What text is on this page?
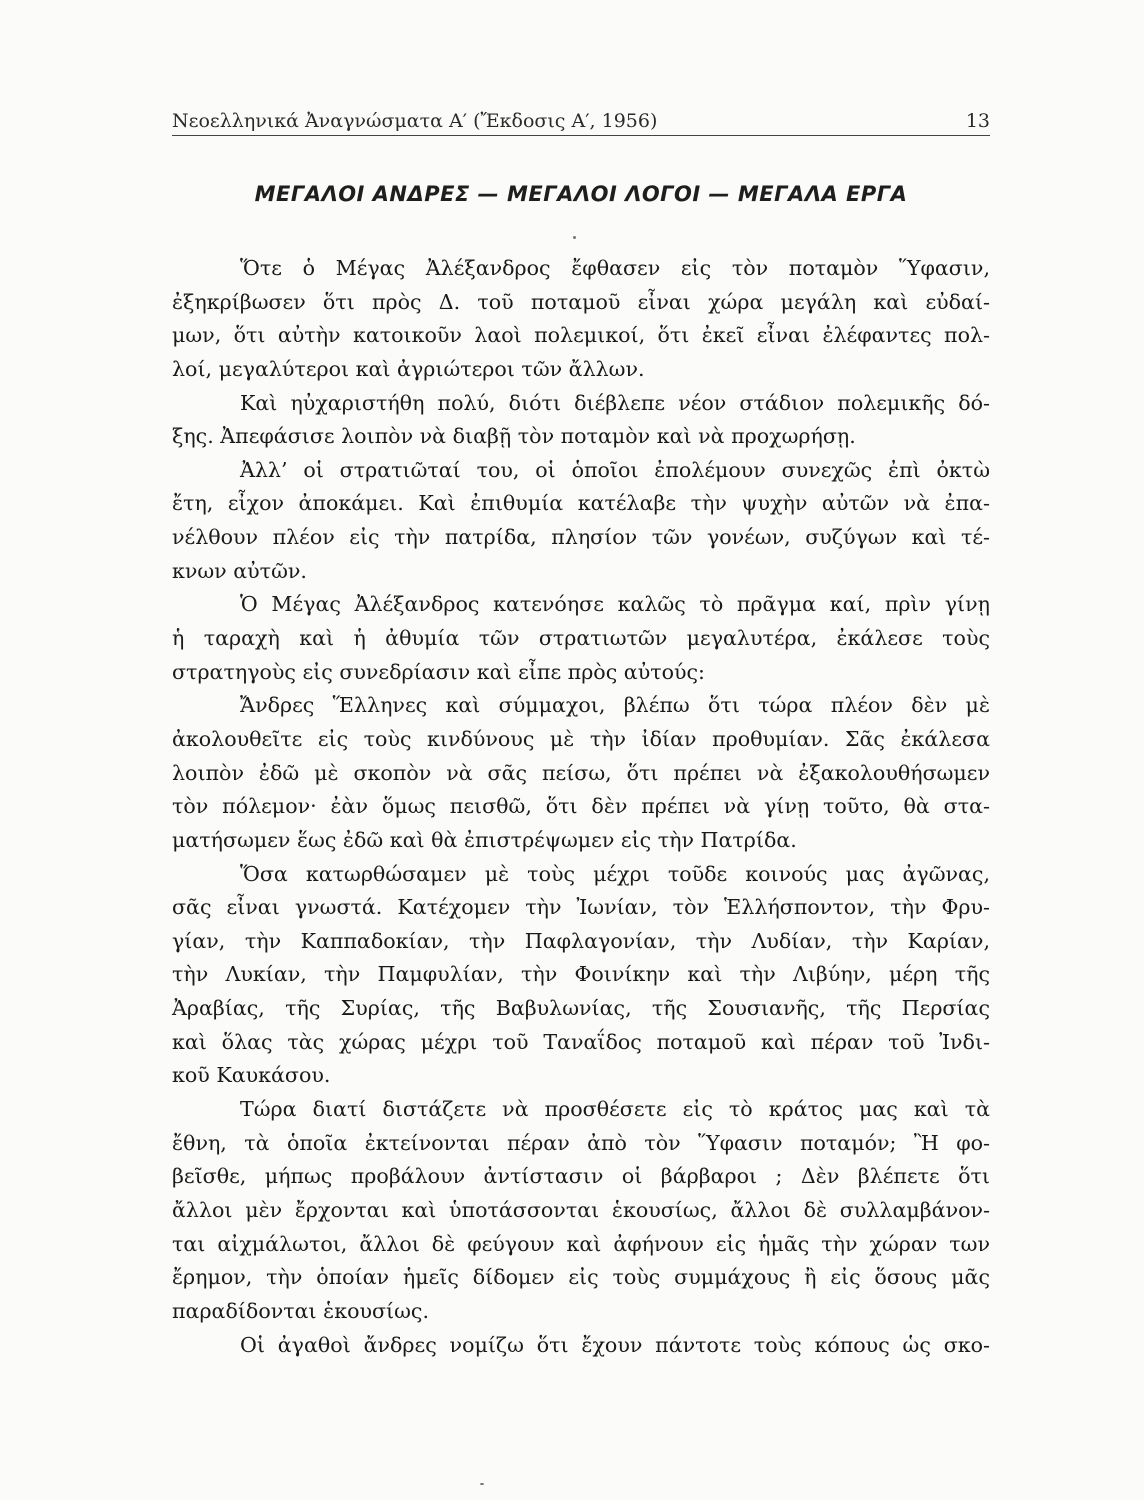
Νεοελληνικά Ἀναγνώσματα Α′ (Ἔκδοσις Α′, 1956)	13
ΜΕΓΑΛΟΙ ΑΝΔΡΕΣ — ΜΕΓΑΛΟΙ ΛΟΓΟΙ — ΜΕΓΑΛΑ ΕΡΓΑ
Ὅτε ὁ Μέγας Ἀλέξανδρος ἔφθασεν εἰς τὸν ποταμὸν Ὕφασιν,
ἐξηκρίβωσεν ὅτι πρὸς Δ. τοῦ ποταμοῦ εἶναι χώρα μεγάλη καὶ εὐδαί-
μων, ὅτι αὐτὴν κατοικοῦν λαοὶ πολεμικοί, ὅτι ἐκεῖ εἶναι ἐλέφαντες πολ-
λοί, μεγαλύτεροι καὶ ἀγριώτεροι τῶν ἄλλων.
Καὶ ηὐχαριστήθη πολύ, διότι διέβλεπε νέον στάδιον πολεμικῆς δό-
ξης. Ἀπεφάσισε λοιπὸν νὰ διαβῇ τὸν ποταμὸν καὶ νὰ προχωρήσῃ.
Ἀλλ’ οἱ στρατιῶταί του, οἱ ὁποῖοι ἐπολέμουν συνεχῶς ἐπὶ ὀκτὼ
ἔτη, εἶχον ἀποκάμει. Καὶ ἐπιθυμία κατέλαβε τὴν ψυχὴν αὐτῶν νὰ ἐπα-
νέλθουν πλέον εἰς τὴν πατρίδα, πλησίον τῶν γονέων, συζύγων καὶ τέ-
κνων αὐτῶν.
Ὁ Μέγας Ἀλέξανδρος κατενόησε καλῶς τὸ πρᾶγμα καί, πρὶν γίνῃ
ἡ ταραχὴ καὶ ἡ ἀθυμία τῶν στρατιωτῶν μεγαλυτέρα, ἐκάλεσε τοὺς
στρατηγοὺς εἰς συνεδρίασιν καὶ εἶπε πρὸς αὐτούς:
Ἄνδρες Ἕλληνες καὶ σύμμαχοι, βλέπω ὅτι τώρα πλέον δὲν μὲ
ἀκολουθεῖτε εἰς τοὺς κινδύνους μὲ τὴν ἰδίαν προθυμίαν. Σᾶς ἐκάλεσα
λοιπὸν ἐδῶ μὲ σκοπὸν νὰ σᾶς πείσω, ὅτι πρέπει νὰ ἐξακολουθήσωμεν
τὸν πόλεμον· ἐὰν ὅμως πεισθῶ, ὅτι δὲν πρέπει νὰ γίνῃ τοῦτο, θὰ στα-
ματήσωμεν ἕως ἐδῶ καὶ θὰ ἐπιστρέψωμεν εἰς τὴν Πατρίδα.
Ὅσα κατωρθώσαμεν μὲ τοὺς μέχρι τοῦδε κοινούς μας ἀγῶνας,
σᾶς εἶναι γνωστά. Κατέχομεν τὴν Ἰωνίαν, τὸν Ἑλλήσποντον, τὴν Φρυ-
γίαν, τὴν Καππαδοκίαν, τὴν Παφλαγονίαν, τὴν Λυδίαν, τὴν Καρίαν,
τὴν Λυκίαν, τὴν Παμφυλίαν, τὴν Φοινίκην καὶ τὴν Λιβύην, μέρη τῆς
Ἀραβίας, τῆς Συρίας, τῆς Βαβυλωνίας, τῆς Σουσιανῆς, τῆς Περσίας
καὶ ὅλας τὰς χώρας μέχρι τοῦ Ταναΐδος ποταμοῦ καὶ πέραν τοῦ Ἰνδι-
κοῦ Καυκάσου.
Τώρα διατί διστάζετε νὰ προσθέσετε εἰς τὸ κράτος μας καὶ τὰ
ἔθνη, τὰ ὁποῖα ἐκτείνονται πέραν ἀπὸ τὸν Ὕφασιν ποταμόν; Ἢ φο-
βεῖσθε, μήπως προβάλουν ἀντίστασιν οἱ βάρβαροι ; Δὲν βλέπετε ὅτι
ἄλλοι μὲν ἔρχονται καὶ ὑποτάσσονται ἑκουσίως, ἄλλοι δὲ συλλαμβάνον-
ται αἰχμάλωτοι, ἄλλοι δὲ φεύγουν καὶ ἀφήνουν εἰς ἡμᾶς τὴν χώραν των
ἔρημον, τὴν ὁποίαν ἡμεῖς δίδομεν εἰς τοὺς συμμάχους ἢ εἰς ὅσους μᾶς
παραδίδονται ἑκουσίως.
Οἱ ἀγαθοὶ ἄνδρες νομίζω ὅτι ἔχουν πάντοτε τοὺς κόπους ὡς σκο-
